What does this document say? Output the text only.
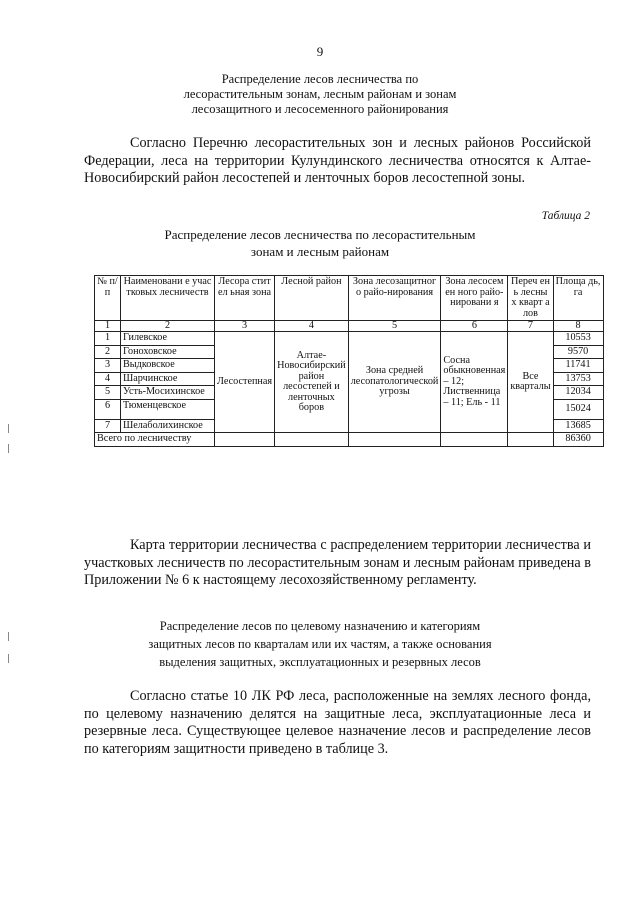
9
Распределение лесов лесничества по
лесорастительным зонам, лесным районам и зонам
лесозащитного и лесосеменного районирования
Согласно Перечню лесорастительных зон и лесных районов Российской Федерации, леса на территории Кулундинского лесничества относятся к Алтае-Новосибирский район лесостепей и ленточных боров лесостепной зоны.
Таблица 2
Распределение лесов лесничества по лесорастительным
зонам и лесным районам
№ п/п	Наименовани е участковых лесничеств	Лесора стител ьная зона	Лесной район	Зона лесозащитног о райо-нирования	Зона лесосемен ного райо-нировани я	Переч ень лесны х кварт алов	Площа дь, га
1	2	3	4	5	6	7	8
1	Гилевское	Лесостепная	Алтае-Новосибирский район лесостепей и ленточных боров	Зона средней лесопатологической угрозы	Сосна обыкновенная – 12; Лиственница – 11; Ель - 11	Все кварталы	10553
2	Гоноховское						9570
3	Выдковское						11741
4	Шарчинское						13753
5	Усть-Мосихинское						12034
6	Тюменцевское						15024
7	Шелаболихинское						13685
Всего по лесничеству							86360
Карта территории лесничества с распределением территории лесничества и участковых лесничеств по лесорастительным зонам и лесным районам приведена в Приложении № 6 к настоящему лесохозяйственному регламенту.
Распределение лесов по целевому назначению и категориям
защитных лесов по кварталам или их частям, а также основания
выделения защитных, эксплуатационных и резервных лесов
Согласно статье 10 ЛК РФ леса, расположенные на землях лесного фонда, по целевому назначению делятся на защитные леса, эксплуатационные леса и резервные леса. Существующее целевое назначение лесов и распределение лесов по категориям защитности приведено в таблице 3.
